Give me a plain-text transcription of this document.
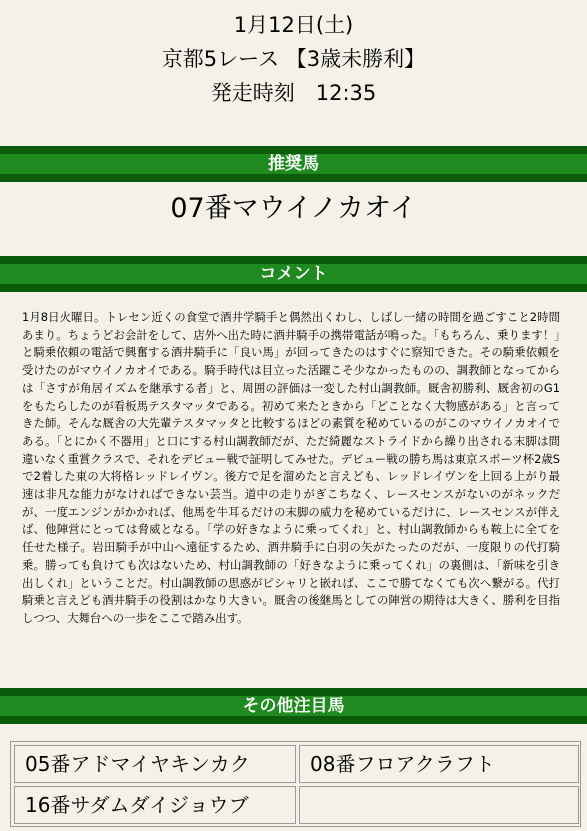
1月12日(土)
京都5レース 【3歳未勝利】
発走時刻　12:35
推奨馬
07番マウイノカオイ
コメント
1月8日火曜日。トレセン近くの食堂で酒井学騎手と偶然出くわし、しばし一緒の時間を過ごすこと2時間あまり。ちょうどお会計をして、店外へ出た時に酒井騎手の携帯電話が鳴った。「もちろん、乗ります！」と騎乗依頼の電話で興奮する酒井騎手に「良い馬」が回ってきたのはすぐに察知できた。その騎乗依頼を受けたのがマウイノカオイである。騎手時代は目立った活躍こそ少なかったものの、調教師となってからは「さすが角居イズムを継承する者」と、周囲の評価は一変した村山調教師。厩舎初勝利、厩舎初のG1をもたらしたのが看板馬テスタマッタである。初めて来たときから「どことなく大物感がある」と言ってきた師。そんな厩舎の大先輩テスタマッタと比較するほどの素質を秘めているのがこのマウイノカオイである。「とにかく不器用」と口にする村山調教師だが、ただ綺麗なストライドから繰り出される末脚は間違いなく重賞クラスで、それをデビュー戦で証明してみせた。デビュー戦の勝ち馬は東京スポーツ杯2歳Sで2着した東の大将格レッドレイヴン。後方で足を溜めたと言えども、レッドレイヴンを上回る上がり最速は非凡な能力がなければできない芸当。道中の走りがぎこちなく、レースセンスがないのがネックだが、一度エンジンがかかれば、他馬を牛耳るだけの末脚の威力を秘めているだけに、レースセンスが伴えば、他陣営にとっては脅威となる。「学の好きなように乗ってくれ」と、村山調教師からも鞍上に全てを任せた様子。岩田騎手が中山へ遠征するため、酒井騎手に白羽の矢がたったのだが、一度限りの代打騎乗。勝っても負けても次はないため、村山調教師の「好きなように乗ってくれ」の裏側は、「新味を引き出しくれ」ということだ。村山調教師の思惑がピシャリと嵌れば、ここで勝てなくても次へ繋がる。代打騎乗と言えども酒井騎手の役割はかなり大きい。厩舎の後継馬としての陣営の期待は大きく、勝利を目指しつつ、大舞台への一歩をここで踏み出す。
その他注目馬
05番アドマイヤキンカク	08番フロアクラフト
16番サダムダイジョウブ
